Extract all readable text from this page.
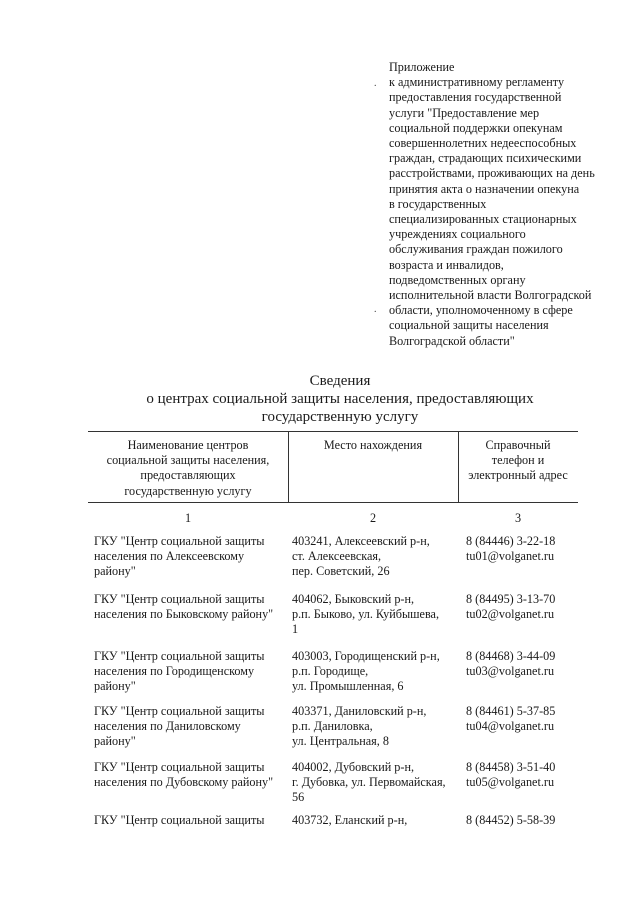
.
.
Приложение
к административному регламенту
предоставления государственной
услуги "Предоставление мер
социальной поддержки опекунам
совершеннолетних недееспособных
граждан, страдающих психическими
расстройствами, проживающих на день
принятия акта о назначении опекуна
в государственных
специализированных стационарных
учреждениях социального
обслуживания граждан пожилого
возраста и инвалидов,
подведомственных органу
исполнительной власти Волгоградской
области, уполномоченному в сфере
социальной защиты населения
Волгоградской области"
Сведения
о центрах социальной защиты населения, предоставляющих
государственную услугу
Наименование центров
социальной защиты населения,
предоставляющих
государственную услугу
Место нахождения	Справочный
телефон и
электронный адрес
1	2	3
ГКУ "Центр социальной защиты
населения по Алексеевскому
району"
403241, Алексеевский р-н,
ст. Алексеевская,
пер. Советский, 26
8 (84446) 3-22-18
tu01@volganet.ru
ГКУ "Центр социальной защиты
населения по Быковскому району"
404062, Быковский р-н,
р.п. Быково, ул. Куйбышева,
1
8 (84495) 3-13-70
tu02@volganet.ru
ГКУ "Центр социальной защиты
населения по Городищенскому
району"
403003, Городищенский р-н,
р.п. Городище,
ул. Промышленная, 6
8 (84468) 3-44-09
tu03@volganet.ru
ГКУ "Центр социальной защиты
населения по Даниловскому
району"
403371, Даниловский р-н,
р.п. Даниловка,
ул. Центральная, 8
8 (84461) 5-37-85
tu04@volganet.ru
ГКУ "Центр социальной защиты
населения по Дубовскому району"
404002, Дубовский р-н,
г. Дубовка, ул. Первомайская,
56
8 (84458) 3-51-40
tu05@volganet.ru
ГКУ "Центр социальной защиты 403732, Еланский р-н,	8 (84452) 5-58-39
